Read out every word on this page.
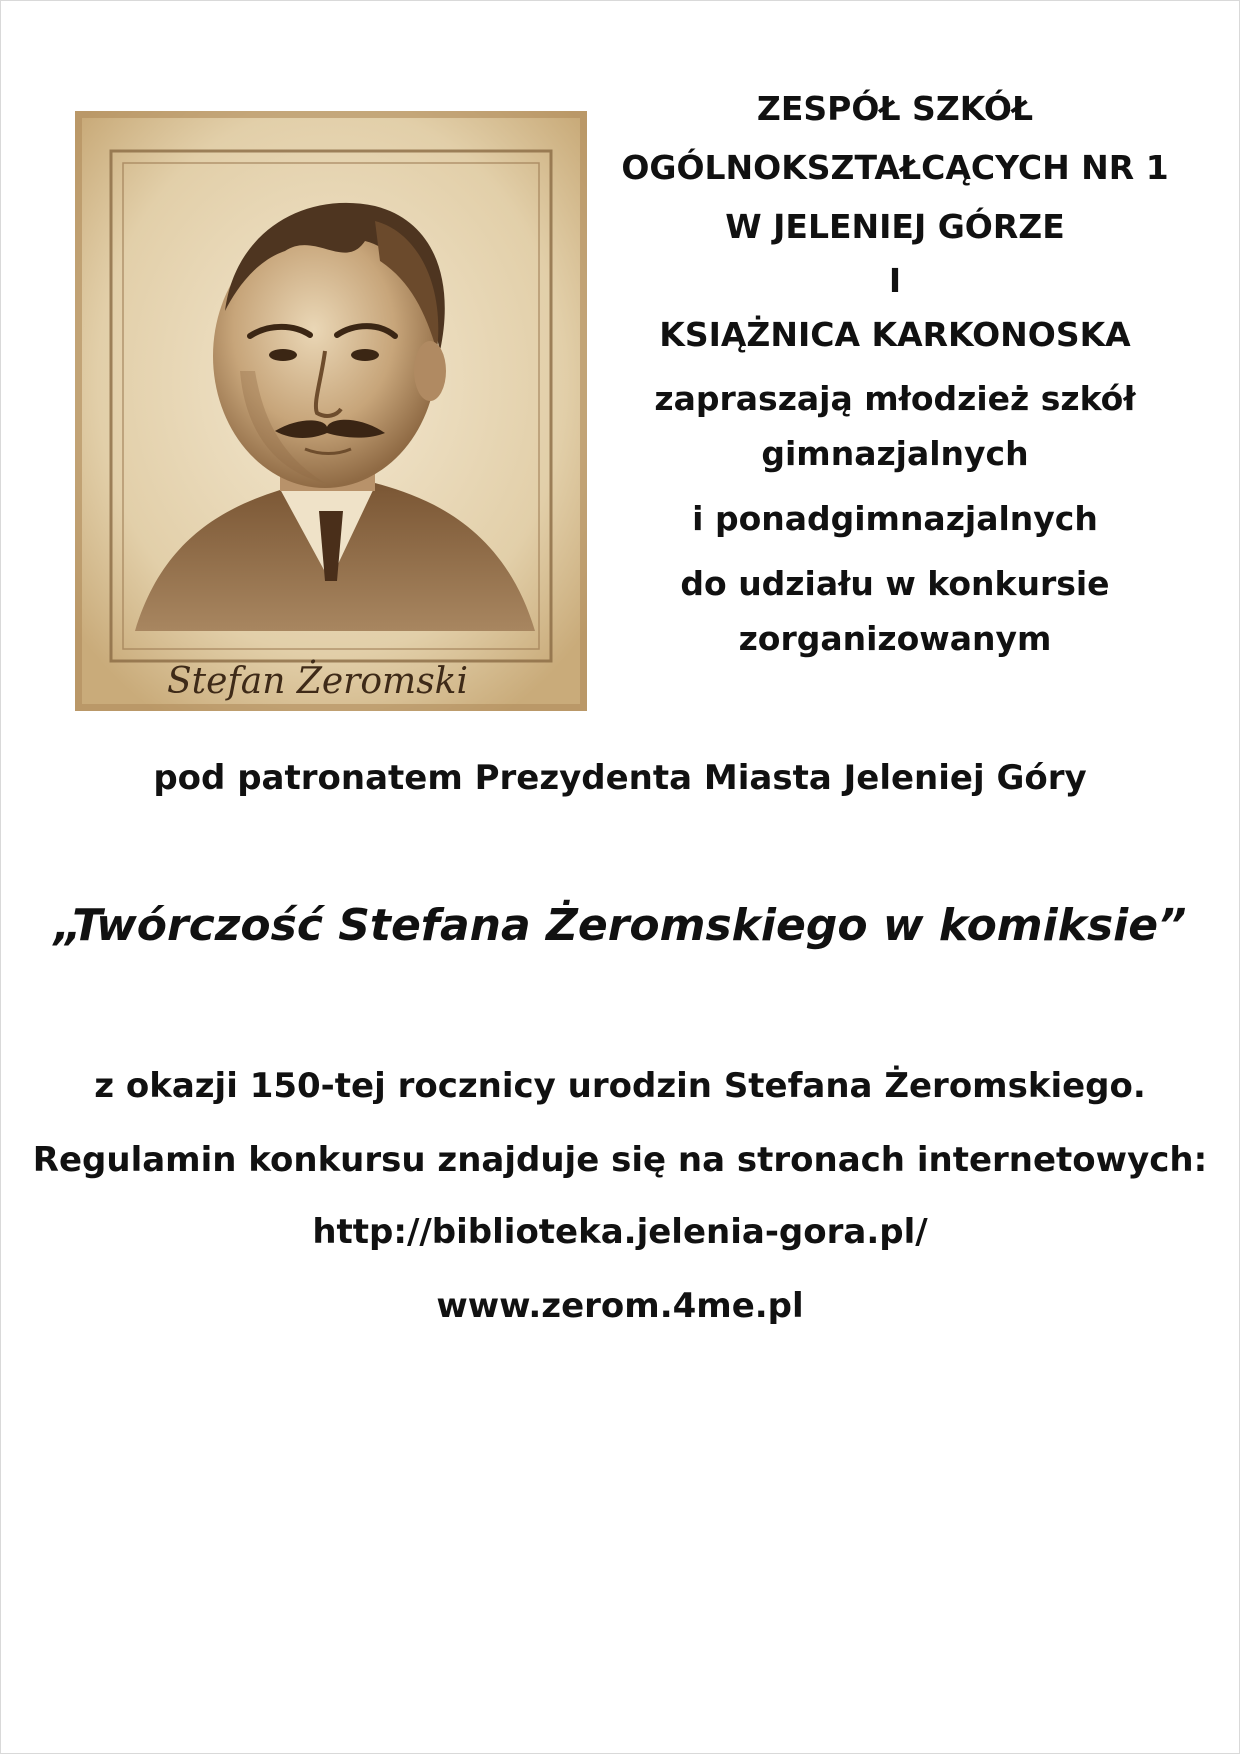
Stefan Żeromski
ZESPÓŁ SZKÓŁ
OGÓLNOKSZTAŁCĄCYCH NR 1
W JELENIEJ GÓRZE
I
KSIĄŻNICA KARKONOSKA
zapraszają młodzież szkół
gimnazjalnych
i ponadgimnazjalnych
do udziału w konkursie
zorganizowanym
pod patronatem Prezydenta Miasta Jeleniej Góry
„Twórczość Stefana Żeromskiego w komiksie”
z okazji 150-tej rocznicy urodzin Stefana Żeromskiego.
Regulamin konkursu znajduje się na stronach internetowych:
http://biblioteka.jelenia-gora.pl/
www.zerom.4me.pl
